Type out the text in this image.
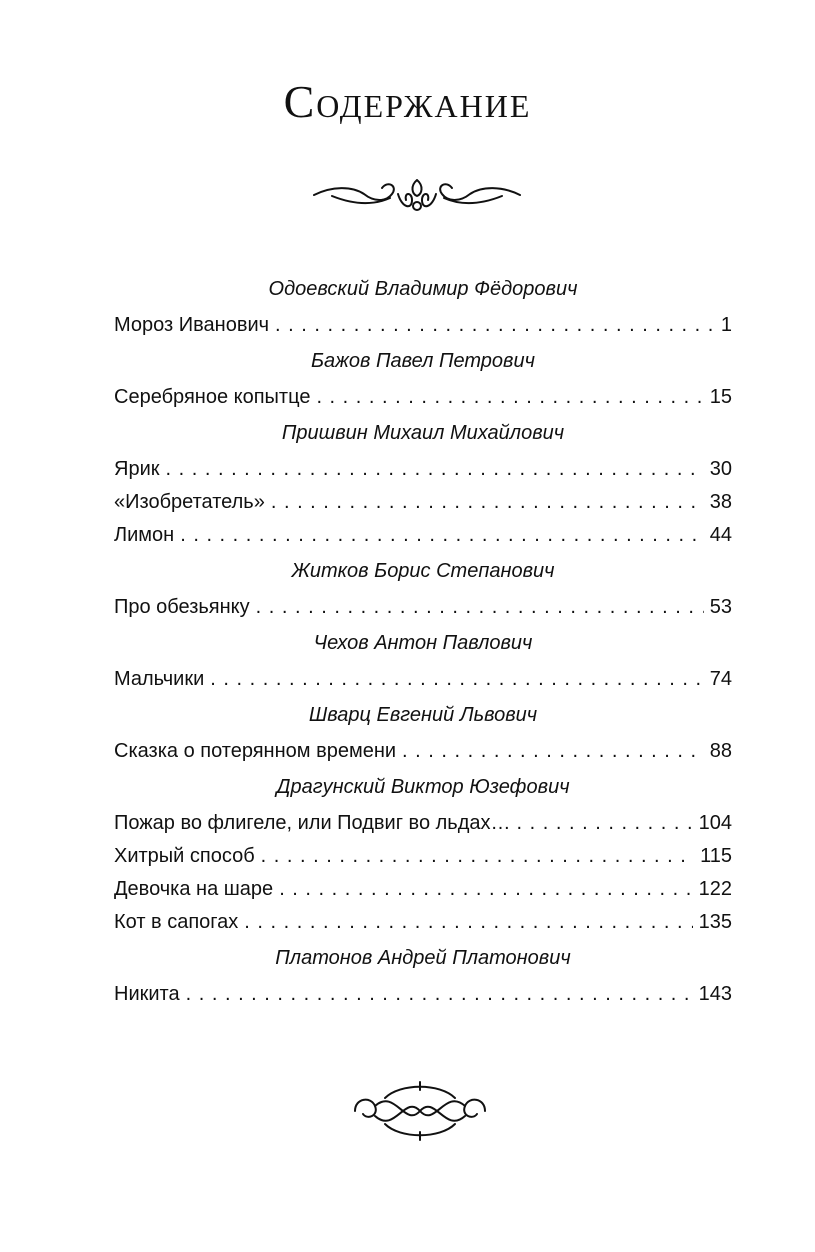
Содержание
Одоевский Владимир Фёдорович
Мороз Иванович . . .	1
Бажов Павел Петрович
Серебряное копытце . . .	15
Пришвин Михаил Михайлович
Ярик . . .	30
«Изобретатель» . . .	38
Лимон . . .	44
Житков Борис Степанович
Про обезьянку . . .	53
Чехов Антон Павлович
Мальчики . . .	74
Шварц Евгений Львович
Сказка о потерянном времени . . .	88
Драгунский Виктор Юзефович
Пожар во флигеле, или Подвиг во льдах… . . .	104
Хитрый способ . . .	115
Девочка на шаре . . .	122
Кот в сапогах . . .	135
Платонов Андрей Платонович
Никита . . .	143
